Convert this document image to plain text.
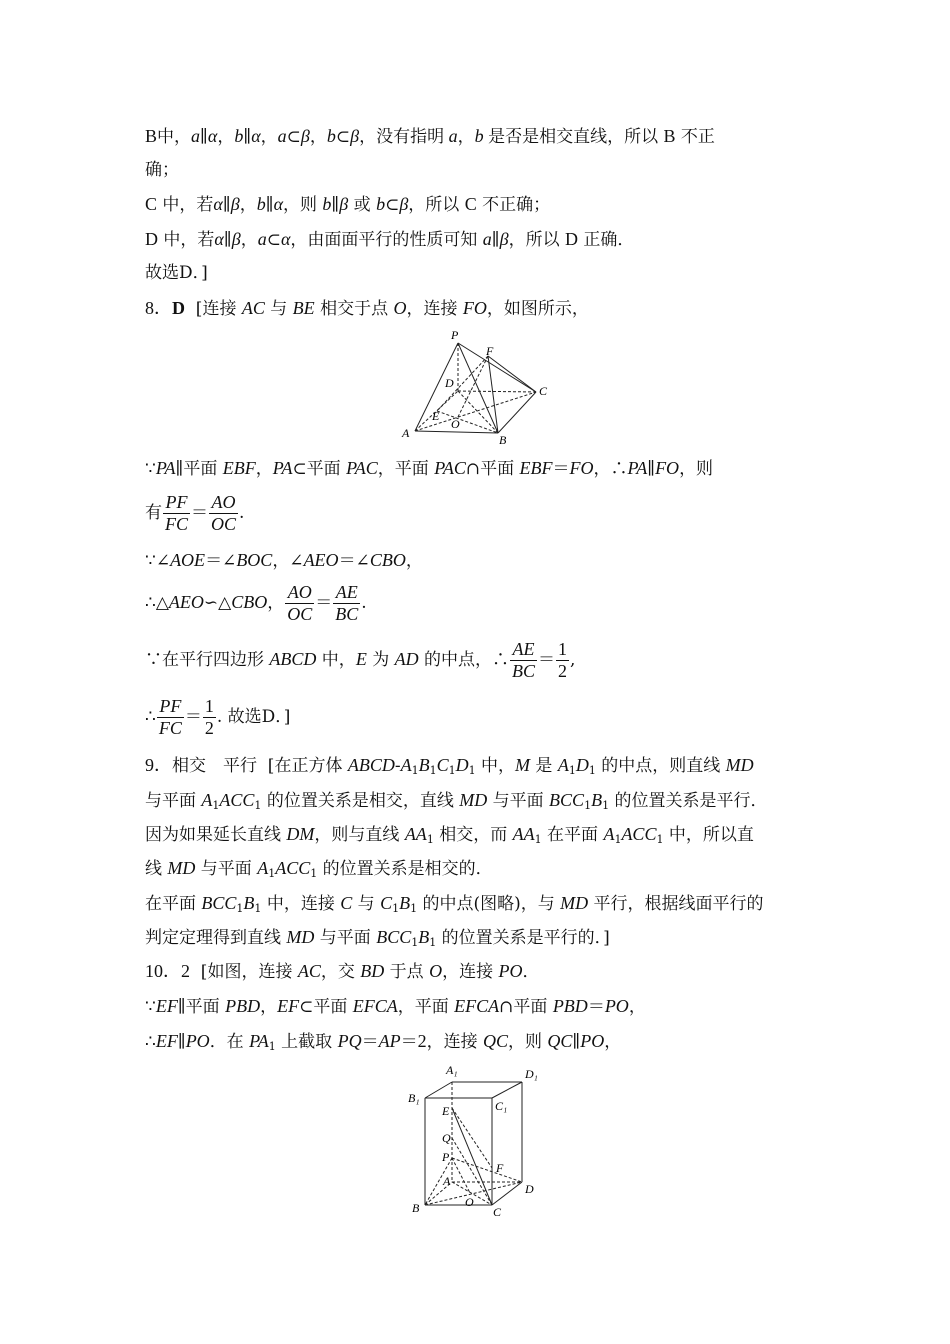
B中，a∥α，b∥α，a⊂β，b⊂β，没有指明 a，b 是否是相交直线，所以 B 不正
确；
C 中，若α∥β，b∥α，则 b∥β 或 b⊂β，所以 C 不正确；
D 中，若α∥β，a⊂α，由面面平行的性质可知 a∥β，所以 D 正确．
故选D．]
8．D  [连接 AC 与 BE 相交于点 O，连接 FO，如图所示，
P
F
D
C
E
O
A	B
∵PA∥平面 EBF，PA⊂平面 PAC，平面 PAC∩平面 EBF＝FO，∴PA∥FO，则
有 $\frac{PF}{FC} = \frac{AO}{OC}$ .
∵∠AOE＝∠BOC，∠AEO＝∠CBO，
∴△AEO∽△CBO， $\frac{AO}{OC} = \frac{AE}{BC}$ .
∵在平行四边形 ABCD 中，E 为 AD 的中点，∴ $\frac{AE}{BC} = \frac{1}{2}$ ,
∴ $\frac{PF}{FC} = \frac{1}{2}$ . 故选D．]
9．相交　平行  [在正方体 ABCD-$A_1B_1C_1D_1$ 中，M 是 $A_1D_1$ 的中点，则直线 MD
与平面 $A_1ACC_1$ 的位置关系是相交，直线 MD 与平面 $BCC_1B_1$ 的位置关系是平行．
因为如果延长直线 DM，则与直线 $AA_1$ 相交，而 $AA_1$ 在平面 $A_1ACC_1$ 中，所以直
线 MD 与平面 $A_1ACC_1$ 的位置关系是相交的．
在平面 $BCC_1B_1$ 中，连接 C 与 $C_1B_1$ 的中点(图略)，与 MD 平行，根据线面平行的
判定定理得到直线 MD 与平面 $BCC_1B_1$ 的位置关系是平行的．]
10．2  [如图，连接 AC，交 BD 于点 O，连接 PO．
∵EF∥平面 PBD，EF⊂平面 EFCA，平面 EFCA∩平面 PBD＝PO，
∴EF∥PO．在 $PA_1$ 上截取 PQ＝AP＝2，连接 QC，则 QC∥PO，
A₁	D₁
B₁
C₁
E
Q
P
F
A
D
B	O
C
